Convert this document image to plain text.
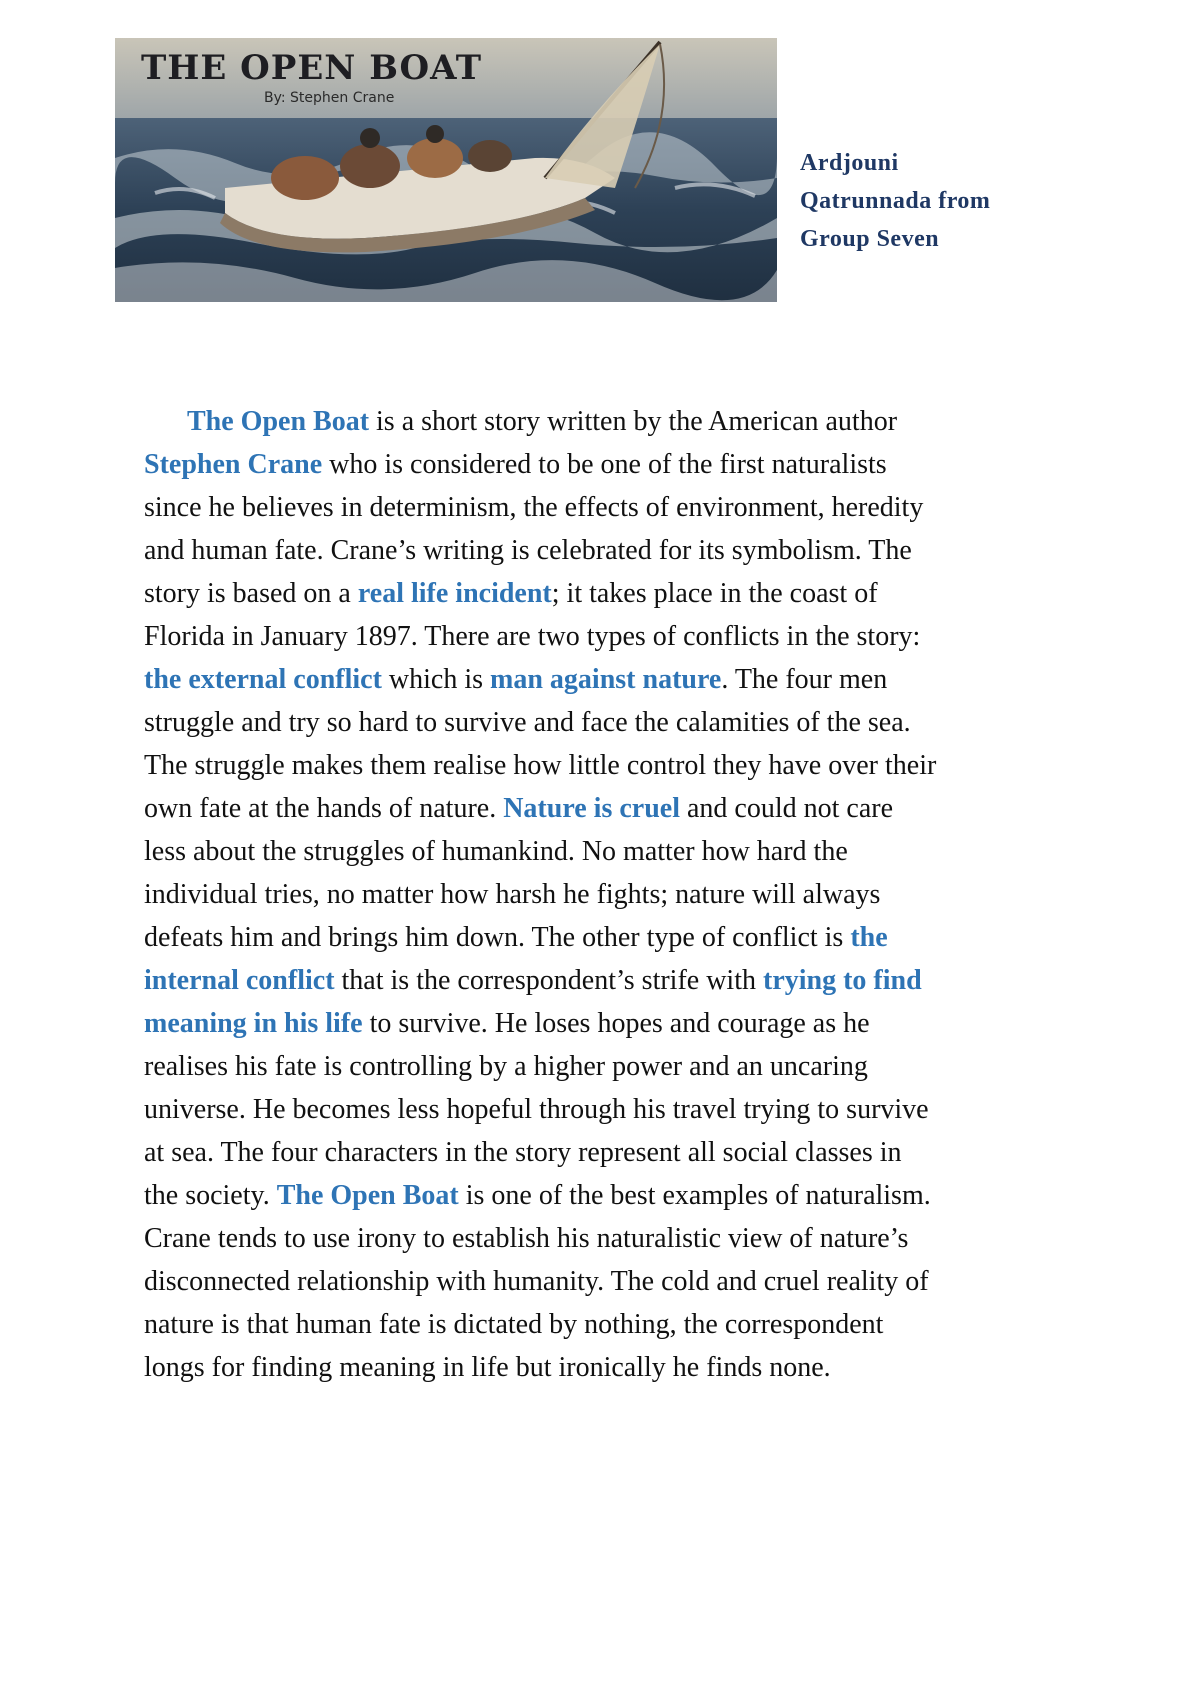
THE OPEN BOAT
By: Stephen Crane
Ardjouni
Qatrunnada from
Group Seven
The Open Boat is a short story written by the American author
Stephen Crane who is considered to be one of the first naturalists
since he believes in determinism, the effects of environment, heredity
and human fate. Crane’s writing is celebrated for its symbolism. The
story is based on a real life incident; it takes place in the coast of
Florida in January 1897. There are two types of conflicts in the story:
the external conflict which is man against nature. The four men
struggle and try so hard to survive and face the calamities of the sea.
The struggle makes them realise how little control they have over their
own fate at the hands of nature. Nature is cruel and could not care
less about the struggles of humankind. No matter how hard the
individual tries, no matter how harsh he fights; nature will always
defeats him and brings him down. The other type of conflict is the
internal conflict that is the correspondent’s strife with trying to find
meaning in his life to survive. He loses hopes and courage as he
realises his fate is controlling by a higher power and an uncaring
universe. He becomes less hopeful through his travel trying to survive
at sea. The four characters in the story represent all social classes in
the society. The Open Boat is one of the best examples of naturalism.
Crane tends to use irony to establish his naturalistic view of nature’s
disconnected relationship with humanity. The cold and cruel reality of
nature is that human fate is dictated by nothing, the correspondent
longs for finding meaning in life but ironically he finds none.
